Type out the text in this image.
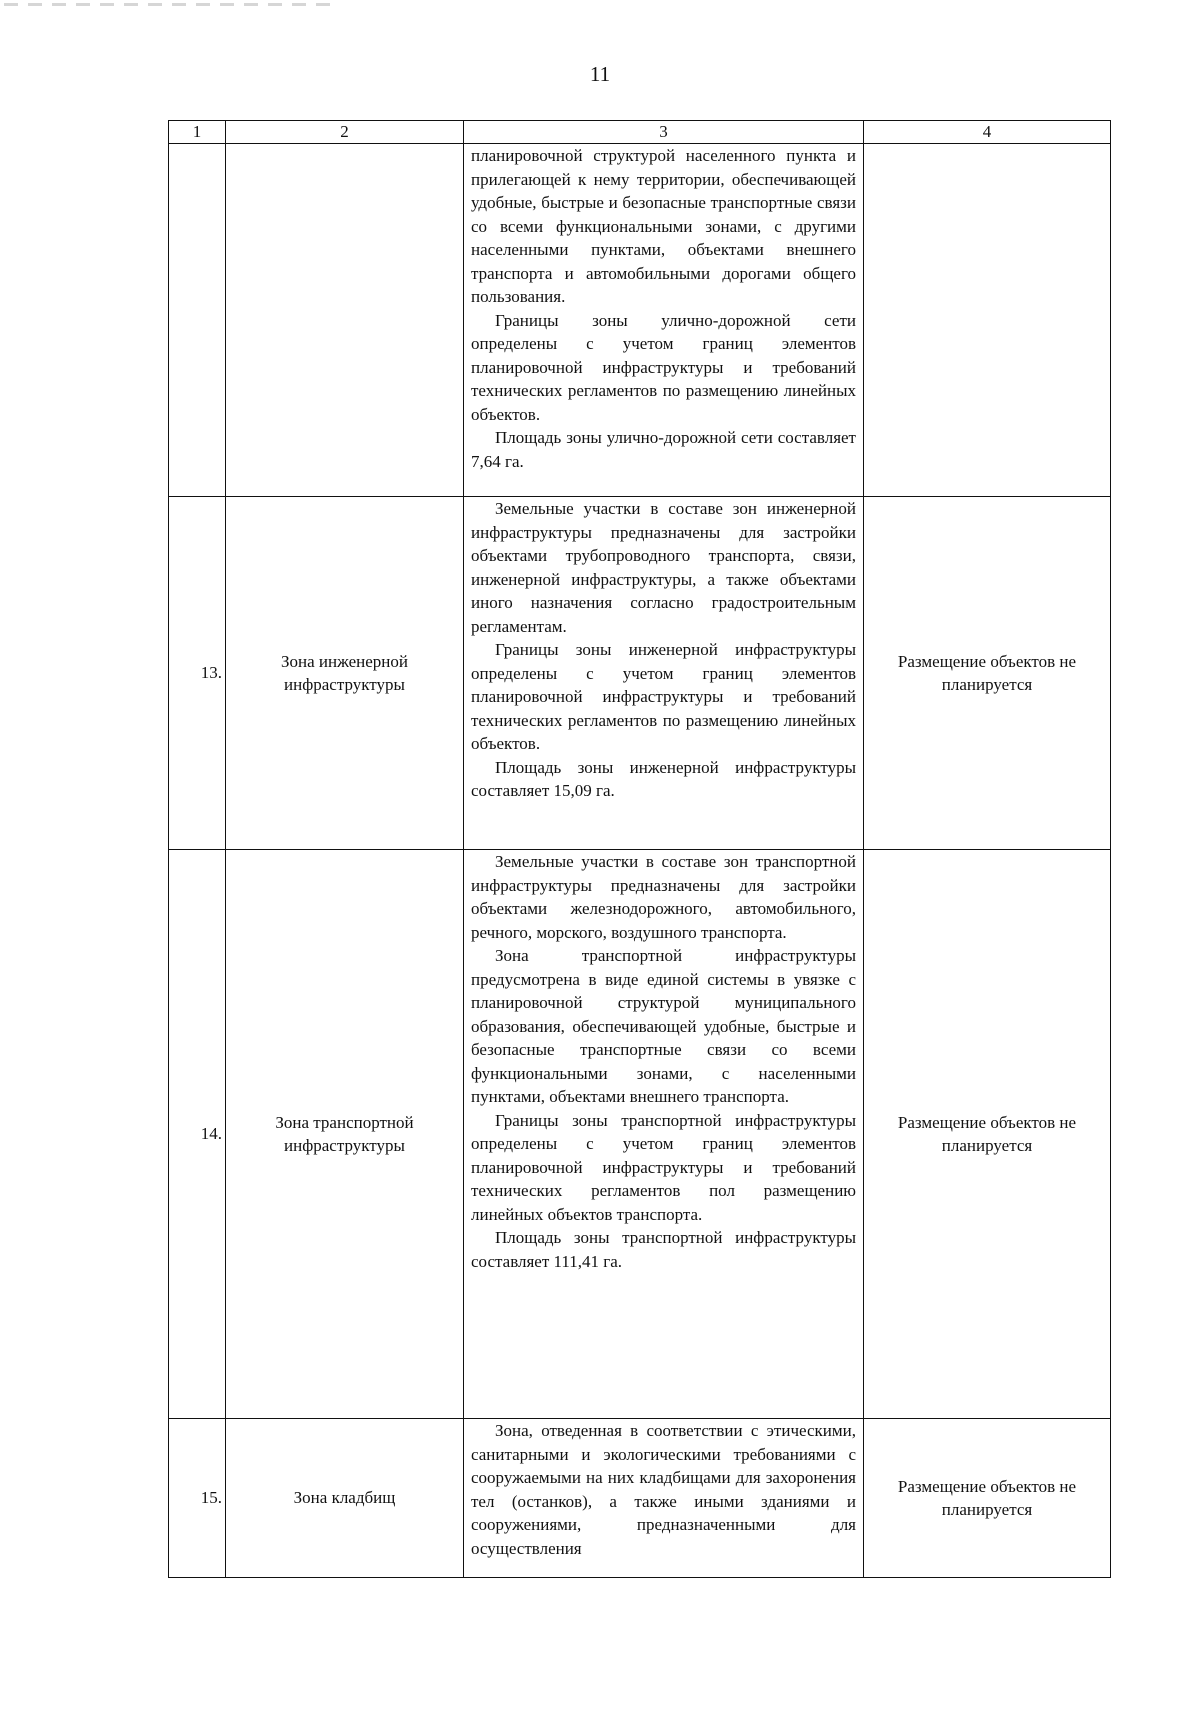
11
1	2	3	4

		планировочной структурой населенного пункта и прилегающей к нему территории, обеспечивающей удобные, быстрые и безопасные транспортные связи со всеми функциональными зонами, с другими населенными пунктами, объектами внешнего транспорта и автомобильными дорогами общего пользования.

Границы зоны улично-дорожной сети определены с учетом границ элементов планировочной инфраструктуры и требований технических регламентов по размещению линейных объектов.

Площадь зоны улично-дорожной сети составляет 7,64 га.	

13.	Зона инженерной инфраструктуры	Земельные участки в составе зон инженерной инфраструктуры предназначены для застройки объектами трубопроводного транспорта, связи, инженерной инфраструктуры, а также объектами иного назначения согласно градостроительным регламентам.

Границы зоны инженерной инфраструктуры определены с учетом границ элементов планировочной инфраструктуры и требований технических регламентов по размещению линейных объектов.

Площадь зоны инженерной инфраструктуры составляет 15,09 га.	Размещение объектов не планируется
14.	Зона транспортной инфраструктуры	Земельные участки в составе зон транспортной инфраструктуры предназначены для застройки объектами железнодорожного, автомобильного, речного, морского, воздушного транспорта.

Зона транспортной инфраструктуры предусмотрена в виде единой системы в увязке с планировочной структурой муниципального образования, обеспечивающей удобные, быстрые и безопасные транспортные связи со всеми функциональными зонами, с населенными пунктами, объектами внешнего транспорта.

Границы зоны транспортной инфраструктуры определены с учетом границ элементов планировочной инфраструктуры и требований технических регламентов пол размещению линейных объектов транспорта.

Площадь зоны транспортной инфраструктуры составляет 111,41 га.	Размещение объектов не планируется
15.	Зона кладбищ	Зона, отведенная в соответствии с этическими, санитарными и экологическими требованиями с сооружаемыми на них кладбищами для захоронения тел (останков), а также иными зданиями и сооружениями, предназначенными для осуществления	Размещение объектов не планируется
